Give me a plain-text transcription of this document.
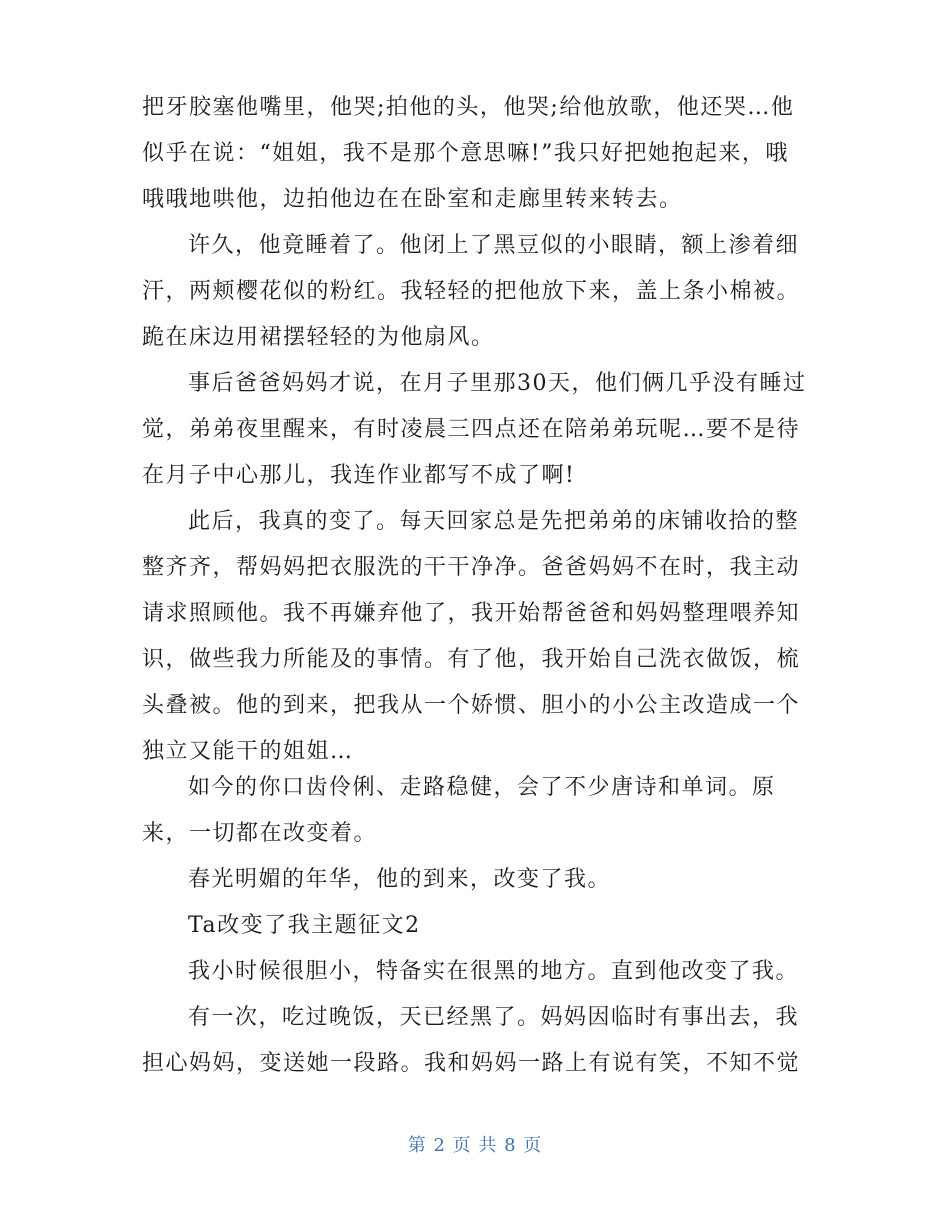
把牙胶塞他嘴里，他哭;拍他的头，他哭;给他放歌，他还哭…他
似乎在说：“姐姐，我不是那个意思嘛!”我只好把她抱起来，哦
哦哦地哄他，边拍他边在在卧室和走廊里转来转去。
许久，他竟睡着了。他闭上了黑豆似的小眼睛，额上渗着细
汗，两颊樱花似的粉红。我轻轻的把他放下来，盖上条小棉被。
跪在床边用裙摆轻轻的为他扇风。
事后爸爸妈妈才说，在月子里那30天，他们俩几乎没有睡过
觉，弟弟夜里醒来，有时凌晨三四点还在陪弟弟玩呢…要不是待
在月子中心那儿，我连作业都写不成了啊!
此后，我真的变了。每天回家总是先把弟弟的床铺收拾的整
整齐齐，帮妈妈把衣服洗的干干净净。爸爸妈妈不在时，我主动
请求照顾他。我不再嫌弃他了，我开始帮爸爸和妈妈整理喂养知
识，做些我力所能及的事情。有了他，我开始自己洗衣做饭，梳
头叠被。他的到来，把我从一个娇惯、胆小的小公主改造成一个
独立又能干的姐姐…
如今的你口齿伶俐、走路稳健，会了不少唐诗和单词。原
来，一切都在改变着。
春光明媚的年华，他的到来，改变了我。
Ta改变了我主题征文2
我小时候很胆小，特备实在很黑的地方。直到他改变了我。
有一次，吃过晚饭，天已经黑了。妈妈因临时有事出去，我
担心妈妈，变送她一段路。我和妈妈一路上有说有笑，不知不觉
第 2 页 共 8 页
